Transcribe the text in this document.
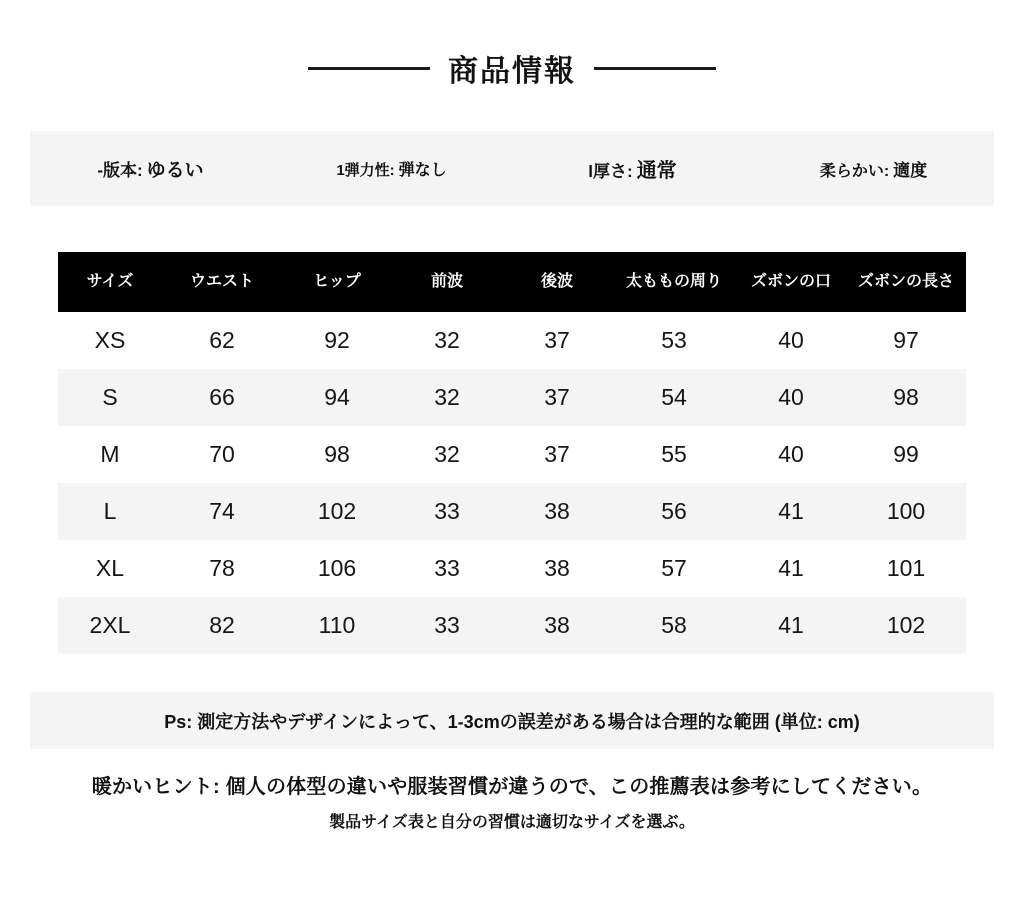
商品情報
-版本: ゆるい	1弾力性: 弾なし	l厚さ: 通常	柔らかい: 適度
サイズ	ウエスト	ヒップ	前波	後波	太ももの周り	ズボンの口	ズボンの長さ
XS	62	92	32	37	53	40	97
S	66	94	32	37	54	40	98
M	70	98	32	37	55	40	99
L	74	102	33	38	56	41	100
XL	78	106	33	38	57	41	101
2XL	82	110	33	38	58	41	102
Ps: 測定方法やデザインによって、1-3cmの誤差がある場合は合理的な範囲 (単位: cm)
暖かいヒント: 個人の体型の違いや服装習慣が違うので、この推薦表は参考にしてください。
製品サイズ表と自分の習慣は適切なサイズを選ぶ。
